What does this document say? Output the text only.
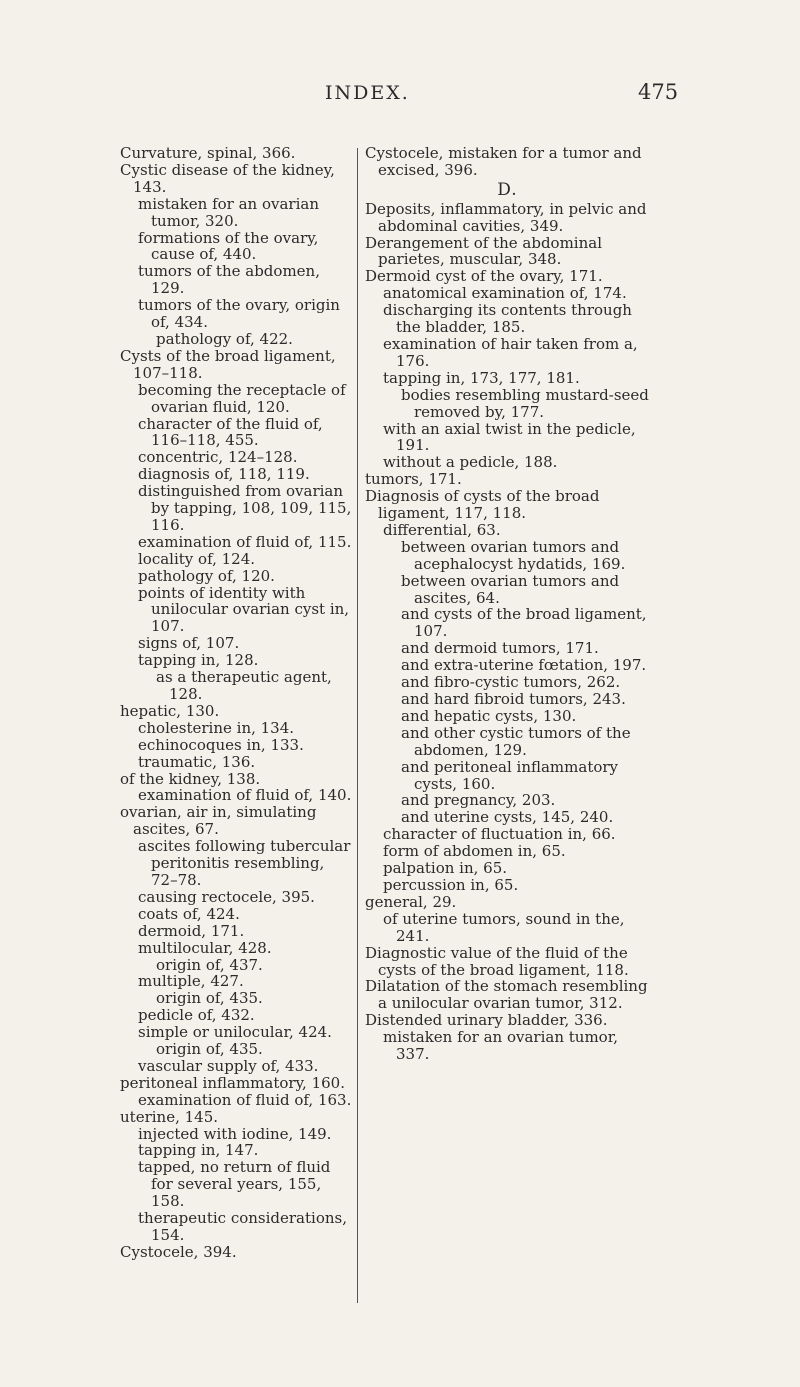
INDEX.	475

Curvature, spinal, 366.

Cystic disease of the kidney, 143.

mistaken for an ovarian tumor, 320.

formations of the ovary, cause of, 440.

tumors of the abdomen, 129.

tumors of the ovary, origin of, 434.

pathology of, 422.

Cysts of the broad ligament, 107–118.

becoming the receptacle of ovarian fluid, 120.

character of the fluid of, 116–118, 455.

concentric, 124–128.

diagnosis of, 118, 119.

distinguished from ovarian by tapping, 108, 109, 115, 116.

examination of fluid of, 115.

locality of, 124.

pathology of, 120.

points of identity with unilocular ovarian cyst in, 107.

signs of, 107.

tapping in, 128.

as a therapeutic agent, 128.

hepatic, 130.

cholesterine in, 134.

echinocoques in, 133.

traumatic, 136.

of the kidney, 138.

examination of fluid of, 140.

ovarian, air in, simulating ascites, 67.

ascites following tubercular peritonitis resembling, 72–78.

causing rectocele, 395.

coats of, 424.

dermoid, 171.

multilocular, 428.

origin of, 437.

multiple, 427.

origin of, 435.

pedicle of, 432.

simple or unilocular, 424.

origin of, 435.

vascular supply of, 433.

peritoneal inflammatory, 160.

examination of fluid of, 163.

uterine, 145.

injected with iodine, 149.

tapping in, 147.

tapped, no return of fluid for several years, 155, 158.

therapeutic considerations, 154.

Cystocele, 394.

Cystocele, mistaken for a tumor and excised, 396.

D.

Deposits, inflammatory, in pelvic and abdominal cavities, 349.

Derangement of the abdominal parietes, muscular, 348.

Dermoid cyst of the ovary, 171.

anatomical examination of, 174.

discharging its contents through the bladder, 185.

examination of hair taken from a, 176.

tapping in, 173, 177, 181.

bodies resembling mustard-seed removed by, 177.

with an axial twist in the pedicle, 191.

without a pedicle, 188.

tumors, 171.

Diagnosis of cysts of the broad ligament, 117, 118.

differential, 63.

between ovarian tumors and acephalocyst hydatids, 169.

between ovarian tumors and ascites, 64.

and cysts of the broad ligament, 107.

and dermoid tumors, 171.

and extra-uterine fœtation, 197.

and fibro-cystic tumors, 262.

and hard fibroid tumors, 243.

and hepatic cysts, 130.

and other cystic tumors of the abdomen, 129.

and peritoneal inflammatory cysts, 160.

and pregnancy, 203.

and uterine cysts, 145, 240.

character of fluctuation in, 66.

form of abdomen in, 65.

palpation in, 65.

percussion in, 65.

general, 29.

of uterine tumors, sound in the, 241.

Diagnostic value of the fluid of the cysts of the broad ligament, 118.

Dilatation of the stomach resembling a unilocular ovarian tumor, 312.

Distended urinary bladder, 336.

mistaken for an ovarian tumor, 337.
